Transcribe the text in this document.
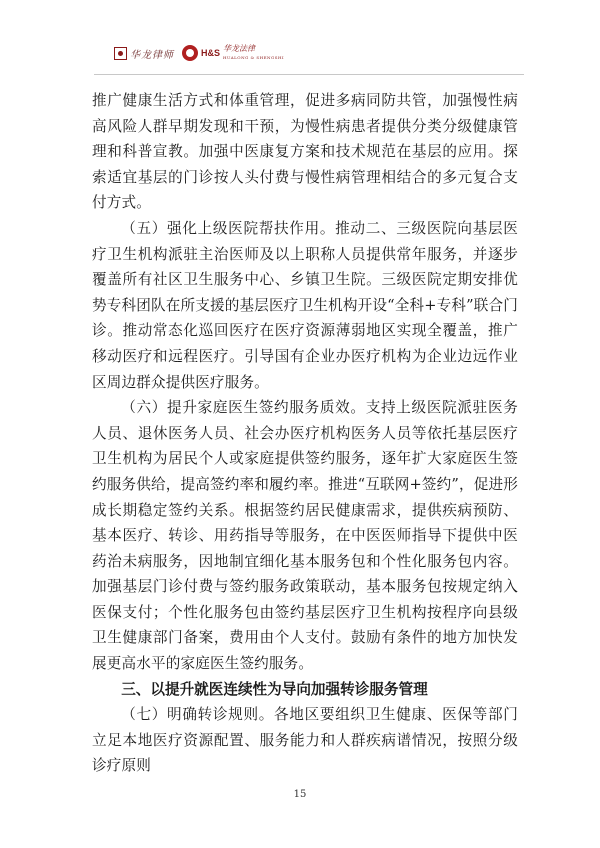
华龙律师	H&S 华龙法律
HUALONG & SHENGSHI

推广健康生活方式和体重管理，促进多病同防共管，加强慢性病高风险人群早期发现和干预，为慢性病患者提供分类分级健康管理和科普宣教。加强中医康复方案和技术规范在基层的应用。探索适宜基层的门诊按人头付费与慢性病管理相结合的多元复合支付方式。

（五）强化上级医院帮扶作用。推动二、三级医院向基层医疗卫生机构派驻主治医师及以上职称人员提供常年服务，并逐步覆盖所有社区卫生服务中心、乡镇卫生院。三级医院定期安排优势专科团队在所支援的基层医疗卫生机构开设“全科+专科”联合门诊。推动常态化巡回医疗在医疗资源薄弱地区实现全覆盖，推广移动医疗和远程医疗。引导国有企业办医疗机构为企业边远作业区周边群众提供医疗服务。

（六）提升家庭医生签约服务质效。支持上级医院派驻医务人员、退休医务人员、社会办医疗机构医务人员等依托基层医疗卫生机构为居民个人或家庭提供签约服务，逐年扩大家庭医生签约服务供给，提高签约率和履约率。推进“互联网+签约”，促进形成长期稳定签约关系。根据签约居民健康需求，提供疾病预防、基本医疗、转诊、用药指导等服务，在中医医师指导下提供中医药治未病服务，因地制宜细化基本服务包和个性化服务包内容。加强基层门诊付费与签约服务政策联动，基本服务包按规定纳入医保支付；个性化服务包由签约基层医疗卫生机构按程序向县级卫生健康部门备案，费用由个人支付。鼓励有条件的地方加快发展更高水平的家庭医生签约服务。

三、以提升就医连续性为导向加强转诊服务管理

（七）明确转诊规则。各地区要组织卫生健康、医保等部门立足本地医疗资源配置、服务能力和人群疾病谱情况，按照分级诊疗原则

15
